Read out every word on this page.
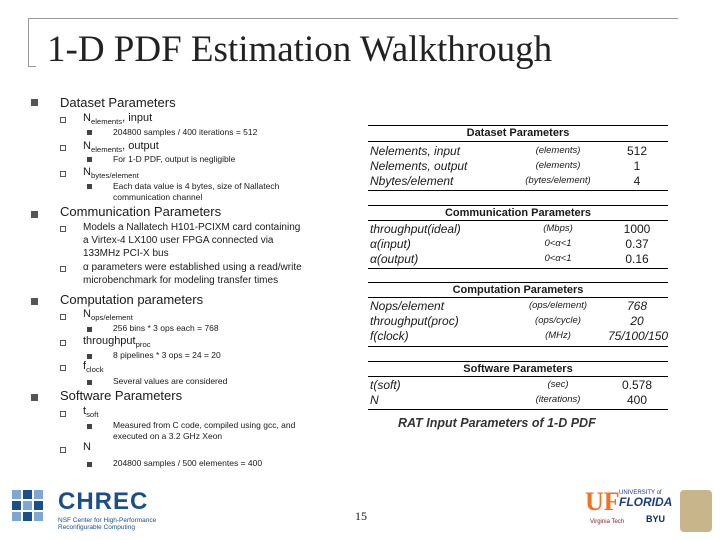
1-D PDF Estimation Walkthrough
Dataset Parameters
$N_{elements}$, input
204800 samples / 400 iterations = 512
$N_{elements}$, output
For 1-D PDF, output is negligible
$N_{bytes/element}$
Each data value is 4 bytes, size of Nallatech
communication channel
Communication Parameters
Models a Nallatech H101-PCIXM card containing
a Virtex-4 LX100 user FPGA connected via
133MHz PCI-X bus
α parameters were established using a read/write
microbenchmark for modeling transfer times
Computation parameters
$N_{ops/element}$
256 bins * 3 ops each = 768
throughput$_{proc}$
8 pipelines * 3 ops = 24 = 20
$f_{clock}$
Several values are considered
Software Parameters
$t_{soft}$
Measured from C code, compiled using gcc, and
executed on a 3.2 GHz Xeon
N
204800 samples / 500 elementes = 400
Dataset Parameters
Nelements, input	(elements)	512
Nelements, output	(elements)	1
Nbytes/element	(bytes/element)	4
Communication Parameters
throughput(ideal)	(Mbps)	1000
α(input)	0<α<1	0.37
α(output)	0<α<1	0.16
Computation Parameters
Nops/element	(ops/element)	768
throughput(proc)	(ops/cycle)	20
f(clock)	(MHz)	75/100/150
Software Parameters
t(soft)	(sec)	0.578
N	(iterations)	400
RAT Input Parameters of 1-D PDF
15
CHREC
NSF Center for High-Performance Reconfigurable Computing
UF UNIVERSITY of
FLORIDA
Virginia Tech BYU
